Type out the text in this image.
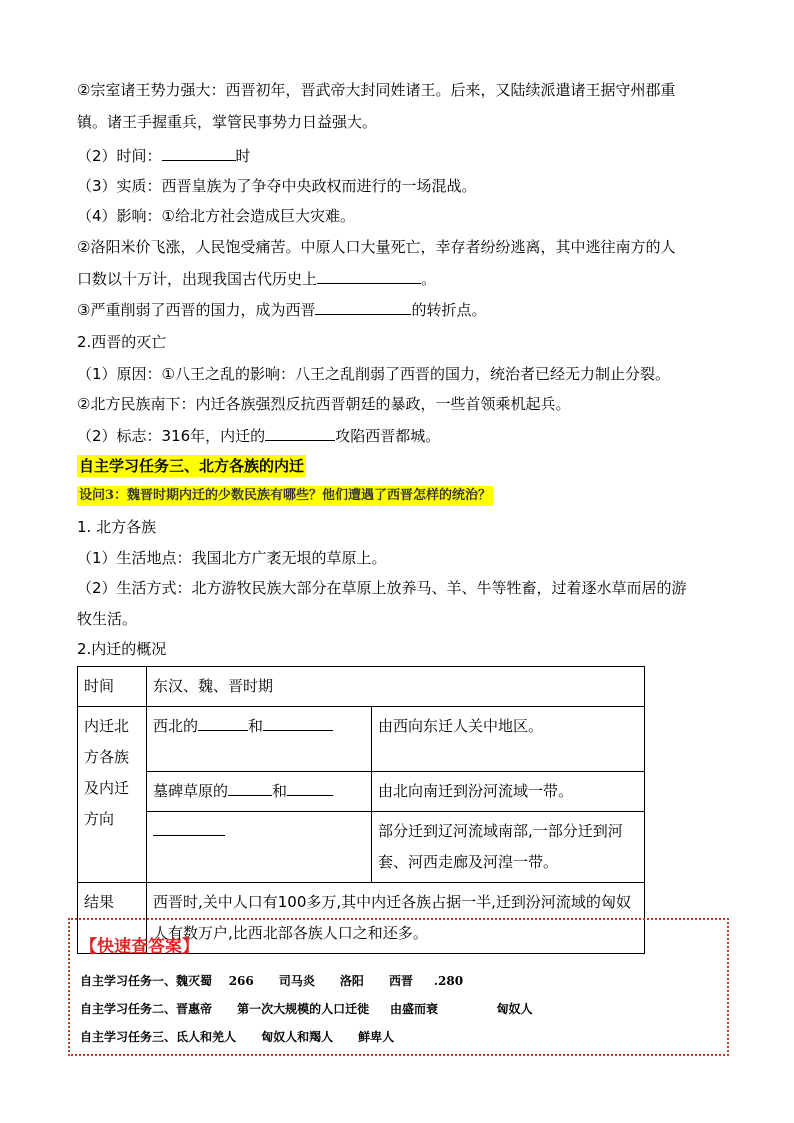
②宗室诸王势力强大：西晋初年，晋武帝大封同姓诸王。后来，又陆续派遣诸王据守州郡重
镇。诸王手握重兵，掌管民事势力日益强大。
（2）时间：	时
（3）实质：西晋皇族为了争夺中央政权而进行的一场混战。
（4）影响：①给北方社会造成巨大灾难。
②洛阳米价飞涨，人民饱受痛苦。中原人口大量死亡，幸存者纷纷逃离，其中逃往南方的人
口数以十万计，出现我国古代历史上	。
③严重削弱了西晋的国力，成为西晋	的转折点。
2.西晋的灭亡
（1）原因：①八王之乱的影响：八王之乱削弱了西晋的国力，统治者已经无力制止分裂。
②北方民族南下：内迁各族强烈反抗西晋朝廷的暴政，一些首领乘机起兵。
（2）标志：316年，内迁的	攻陷西晋都城。
自主学习任务三、北方各族的内迁
设问3：魏晋时期内迁的少数民族有哪些？他们遭遇了西晋怎样的统治？
1. 北方各族
（1）生活地点：我国北方广袤无垠的草原上。
（2）生活方式：北方游牧民族大部分在草原上放养马、羊、牛等牲畜，过着逐水草而居的游
牧生活。
2.内迁的概况
时间	东汉、魏、晋时期	
内迁北方各族及内迁方向	西北的 和	由西向东迁人关中地区。
	墓碑草原的 和	由北向南迁到汾河流域一带。
		部分迁到辽河流域南部,一部分迁到河套、河西走廊及河湟一带。
结果	西晋时,关中人口有100多万,其中内迁各族占据一半,迁到汾河流域的匈奴人有数万户,比西北部各族人口之和还多。	
【快速查答案】
自主学习任务一、魏灭蜀    266      司马炎      洛阳      西晋     .280
自主学习任务二、晋惠帝      第一次大规模的人口迁徙     由盛而衰              匈奴人
自主学习任务三、氐人和羌人      匈奴人和羯人      鲜卑人
